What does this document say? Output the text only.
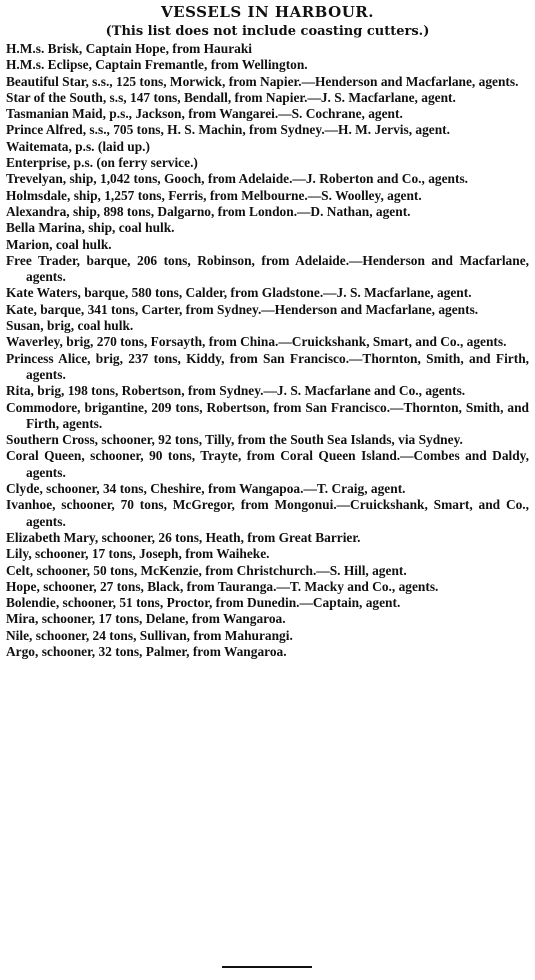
VESSELS IN HARBOUR.
(This list does not include coasting cutters.)

H.M.s. Brisk, Captain Hope, from Hauraki

H.M.s. Eclipse, Captain Fremantle, from Wellington.

Beautiful Star, s.s., 125 tons, Morwick, from Napier.—Henderson and Macfarlane, agents.

Star of the South, s.s, 147 tons, Bendall, from Napier.—J. S. Macfarlane, agent.

Tasmanian Maid, p.s., Jackson, from Wangarei.—S. Cochrane, agent.

Prince Alfred, s.s., 705 tons, H. S. Machin, from Sydney.—H. M. Jervis, agent.

Waitemata, p.s. (laid up.)

Enterprise, p.s. (on ferry service.)

Trevelyan, ship, 1,042 tons, Gooch, from Adelaide.—J. Roberton and Co., agents.

Holmsdale, ship, 1,257 tons, Ferris, from Melbourne.—S. Woolley, agent.

Alexandra, ship, 898 tons, Dalgarno, from London.—D. Nathan, agent.

Bella Marina, ship, coal hulk.

Marion, coal hulk.

Free Trader, barque, 206 tons, Robinson, from Adelaide.—Henderson and Macfarlane, agents.

Kate Waters, barque, 580 tons, Calder, from Gladstone.—J. S. Macfarlane, agent.

Kate, barque, 341 tons, Carter, from Sydney.—Henderson and Macfarlane, agents.

Susan, brig, coal hulk.

Waverley, brig, 270 tons, Forsayth, from China.—Cruickshank, Smart, and Co., agents.

Princess Alice, brig, 237 tons, Kiddy, from San Francisco.—Thornton, Smith, and Firth, agents.

Rita, brig, 198 tons, Robertson, from Sydney.—J. S. Macfarlane and Co., agents.

Commodore, brigantine, 209 tons, Robertson, from San Francisco.—Thornton, Smith, and Firth, agents.

Southern Cross, schooner, 92 tons, Tilly, from the South Sea Islands, via Sydney.

Coral Queen, schooner, 90 tons, Trayte, from Coral Queen Island.—Combes and Daldy, agents.

Clyde, schooner, 34 tons, Cheshire, from Wangapoa.—T. Craig, agent.

Ivanhoe, schooner, 70 tons, McGregor, from Mongonui.—Cruickshank, Smart, and Co., agents.

Elizabeth Mary, schooner, 26 tons, Heath, from Great Barrier.

Lily, schooner, 17 tons, Joseph, from Waiheke.

Celt, schooner, 50 tons, McKenzie, from Christchurch.—S. Hill, agent.

Hope, schooner, 27 tons, Black, from Tauranga.—T. Macky and Co., agents.

Bolendie, schooner, 51 tons, Proctor, from Dunedin.—Captain, agent.

Mira, schooner, 17 tons, Delane, from Wangaroa.

Nile, schooner, 24 tons, Sullivan, from Mahurangi.

Argo, schooner, 32 tons, Palmer, from Wangaroa.
